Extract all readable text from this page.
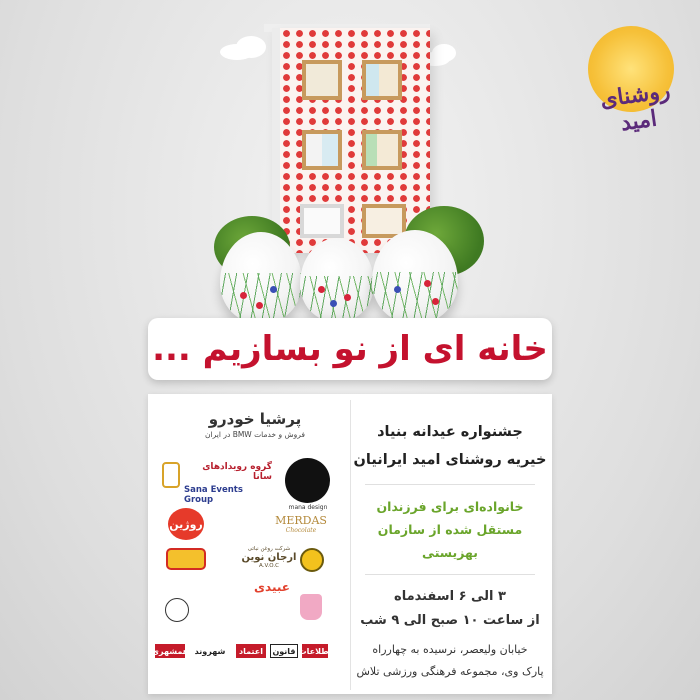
روشنای امید
خانه ای از نو بسازیم ...
جشنواره عیدانه بنیاد
خیریه روشنای امید ایرانیان
خانواده‌ای برای فرزندان
مستقل شده از سازمان بهزیستی
۳ الی ۶ اسفندماه
از ساعت ۱۰ صبح الی ۹ شب
خیابان ولیعصر، نرسیده به چهارراه
پارک وی، مجموعه فرهنگی ورزشی تلاش
پرشیا خودرو
فروش و خدمات BMW در ایران
گروه رویدادهای سانا
Sana Events Group
mana design
روژین	MERDAS
Chocolate
شرکت روغن نباتی
ارجان نوین
A.V.O.C
عبیدی
همشهری شهروند	اعتماد	قانون اطلاعات
